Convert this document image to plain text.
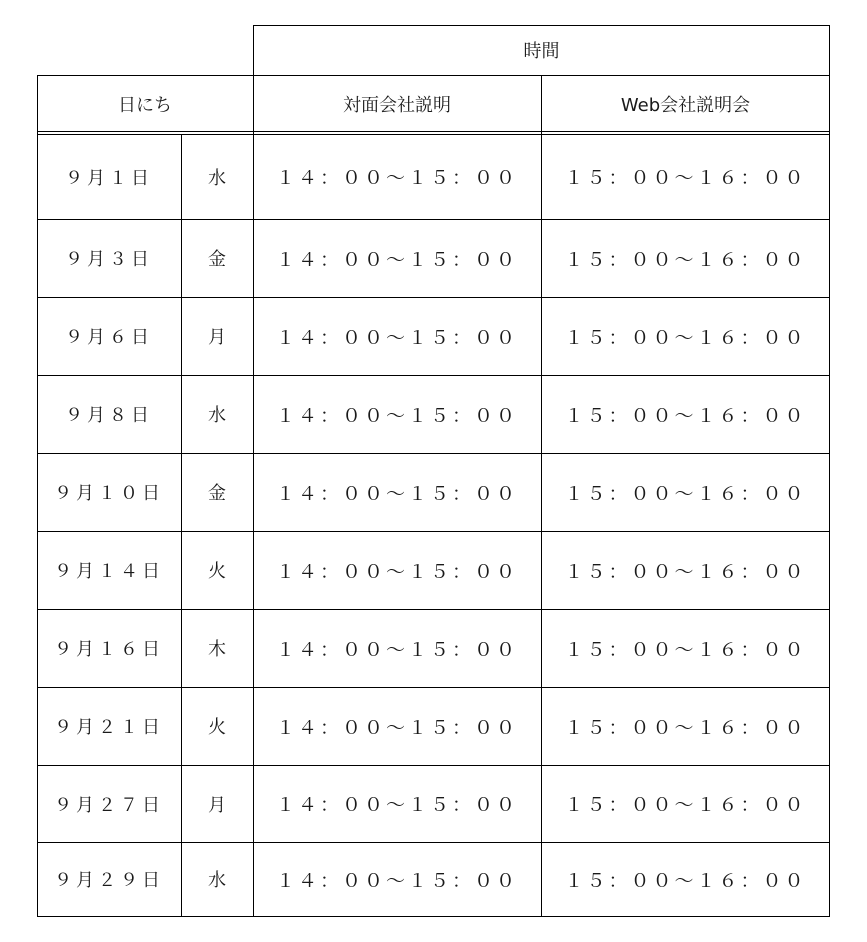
時間
日にち	対面会社説明	Web会社説明会
９月１日	水	１４：００～１５：００ １５：００～１６：００
９月３日	金	１４：００～１５：００ １５：００～１６：００
９月６日	月	１４：００～１５：００ １５：００～１６：００
９月８日	水	１４：００～１５：００ １５：００～１６：００
９月１０日 金	１４：００～１５：００ １５：００～１６：００
９月１４日 火	１４：００～１５：００ １５：００～１６：００
９月１６日 木	１４：００～１５：００ １５：００～１６：００
９月２１日 火	１４：００～１５：００ １５：００～１６：００
９月２７日 月	１４：００～１５：００ １５：００～１６：００
９月２９日 水	１４：００～１５：００ １５：００～１６：００
